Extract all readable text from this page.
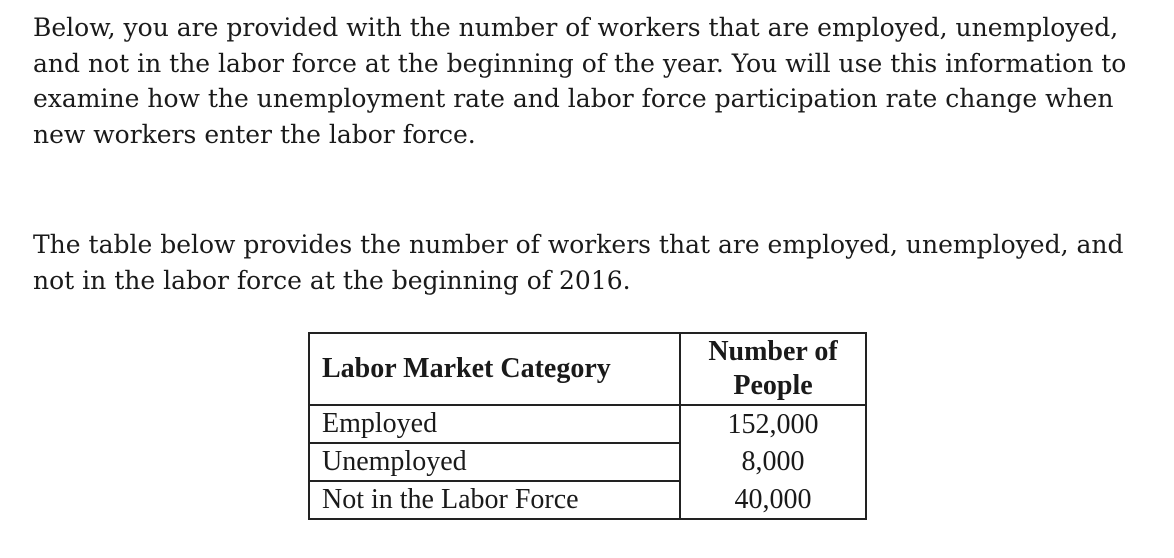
Below, you are provided with the number of workers that are employed, unemployed, and not in the labor force at the beginning of the year. You will use this information to examine how the unemployment rate and labor force participation rate change when new workers enter the labor force.

The table below provides the number of workers that are employed, unemployed, and not in the labor force at the beginning of 2016.

Labor Market Category	Number of People
Employed	152,000
Unemployed	8,000
Not in the Labor Force	40,000
